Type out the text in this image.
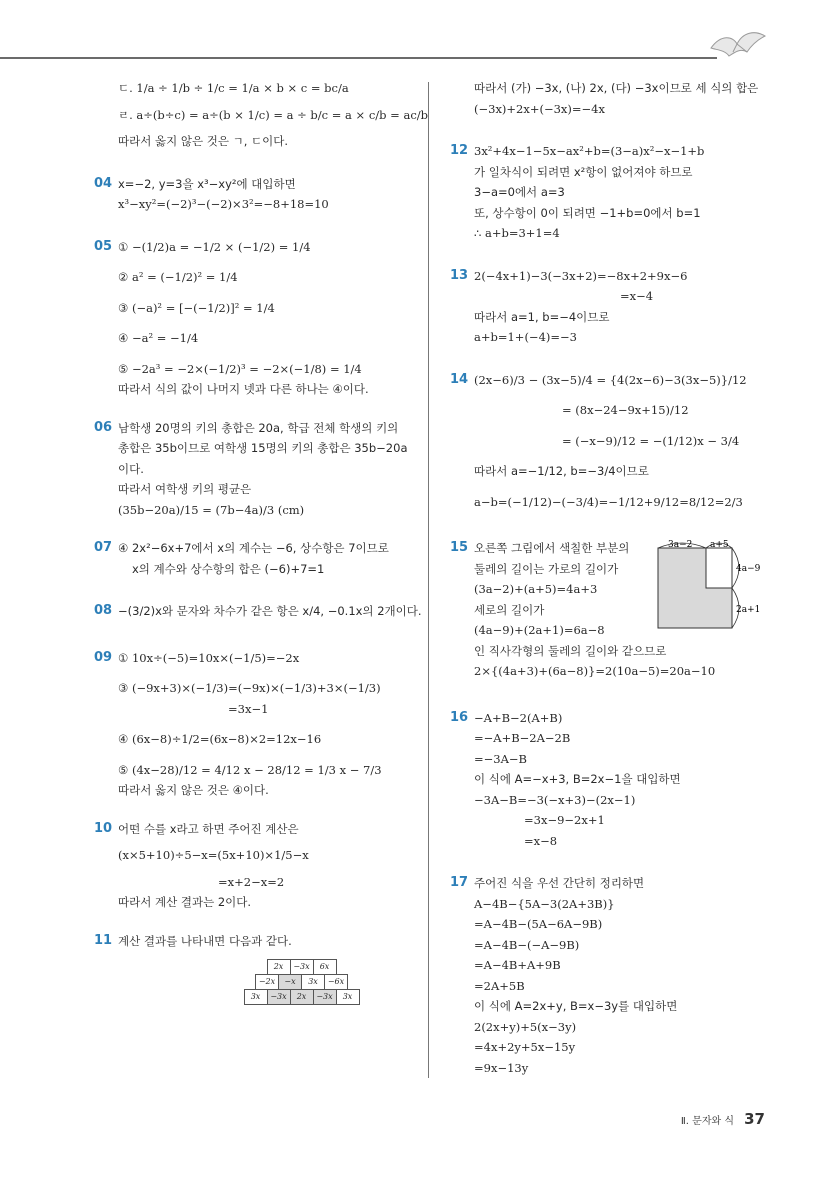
ㄷ. 1/a ÷ 1/b ÷ 1/c = 1/a × b × c = bc/a
ㄹ. a÷(b÷c) = a÷(b × 1/c) = a ÷ b/c = a × c/b = ac/b
따라서 옳지 않은 것은 ㄱ, ㄷ이다.
04 x=−2, y=3을 x³−xy²에 대입하면
x³−xy²=(−2)³−(−2)×3²=−8+18=10
05 ① −(1/2)a = −1/2 × (−1/2) = 1/4
② a² = (−1/2)² = 1/4
③ (−a)² = [−(−1/2)]² = 1/4
④ −a² = −1/4
⑤ −2a³ = −2×(−1/2)³ = −2×(−1/8) = 1/4
따라서 식의 값이 나머지 넷과 다른 하나는 ④이다.
06 남학생 20명의 키의 총합은 20a, 학급 전체 학생의 키의
총합은 35b이므로 여학생 15명의 키의 총합은 35b−20a
이다.
따라서 여학생 키의 평균은
(35b−20a)/15 = (7b−4a)/3 (cm)
07 ④ 2x²−6x+7에서 x의 계수는 −6, 상수항은 7이므로
x의 계수와 상수항의 합은 (−6)+7=1
08 −(3/2)x와 문자와 차수가 같은 항은 x/4, −0.1x의 2개이다.
09 ① 10x÷(−5)=10x×(−1/5)=−2x
③ (−9x+3)×(−1/3)=(−9x)×(−1/3)+3×(−1/3)
=3x−1
④ (6x−8)÷1/2=(6x−8)×2=12x−16
⑤ (4x−28)/12 = 4/12 x − 28/12 = 1/3 x − 7/3
따라서 옳지 않은 것은 ④이다.
10 어떤 수를 x라고 하면 주어진 계산은
(x×5+10)÷5−x=(5x+10)×1/5−x
=x+2−x=2
따라서 계산 결과는 2이다.
11 계산 결과를 나타내면 다음과 같다.
2x	−3x	6x
−2x	−x	3x	−6x
3x	−3x	2x	−3x	3x
따라서 (가) −3x, (나) 2x, (다) −3x이므로 세 식의 합은
(−3x)+2x+(−3x)=−4x
12 3x²+4x−1−5x−ax²+b=(3−a)x²−x−1+b
가 일차식이 되려면 x²항이 없어져야 하므로
3−a=0에서 a=3
또, 상수항이 0이 되려면 −1+b=0에서 b=1
∴ a+b=3+1=4
13 2(−4x+1)−3(−3x+2)=−8x+2+9x−6
=x−4
따라서 a=1, b=−4이므로
a+b=1+(−4)=−3
14 (2x−6)/3 − (3x−5)/4 = {4(2x−6)−3(3x−5)}/12
= (8x−24−9x+15)/12
= (−x−9)/12 = −(1/12)x − 3/4
따라서 a=−1/12, b=−3/4이므로
a−b=(−1/12)−(−3/4)=−1/12+9/12=8/12=2/3
15 오른쪽 그림에서 색칠한 부분의
둘레의 길이는 가로의 길이가
(3a−2)+(a+5)=4a+3
세로의 길이가
(4a−9)+(2a+1)=6a−8
인 직사각형의 둘레의 길이와 같으므로
2×{(4a+3)+(6a−8)}=2(10a−5)=20a−10
3a−2 a+5
4a−9
2a+1
16 −A+B−2(A+B)
=−A+B−2A−2B
=−3A−B
이 식에 A=−x+3, B=2x−1을 대입하면
−3A−B=−3(−x+3)−(2x−1)
=3x−9−2x+1
=x−8
17 주어진 식을 우선 간단히 정리하면
A−4B−{5A−3(2A+3B)}
=A−4B−(5A−6A−9B)
=A−4B−(−A−9B)
=A−4B+A+9B
=2A+5B
이 식에 A=2x+y, B=x−3y를 대입하면
2(2x+y)+5(x−3y)
=4x+2y+5x−15y
=9x−13y
Ⅱ. 문자와 식 37
